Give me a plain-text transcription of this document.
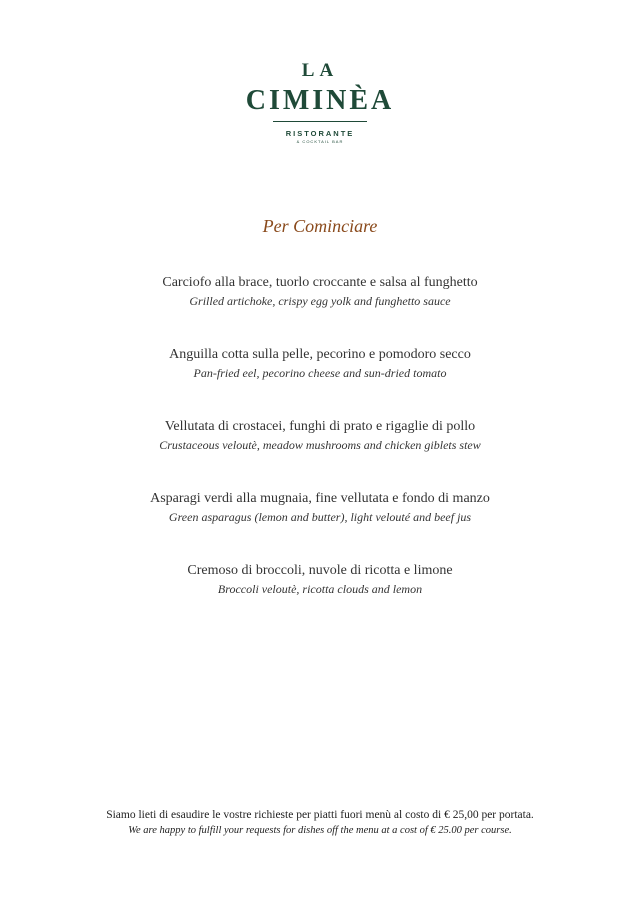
LA
CIMINÈA
RISTORANTE
& COCKTAIL BAR
Per Cominciare
Carciofo alla brace, tuorlo croccante e salsa al funghetto
Grilled artichoke, crispy egg yolk and funghetto sauce
Anguilla cotta sulla pelle, pecorino e pomodoro secco
Pan-fried eel, pecorino cheese and sun-dried tomato
Vellutata di crostacei, funghi di prato e rigaglie di pollo
Crustaceous veloutè, meadow mushrooms and chicken giblets stew
Asparagi verdi alla mugnaia, fine vellutata e fondo di manzo
Green asparagus (lemon and butter), light velouté and beef jus
Cremoso di broccoli, nuvole di ricotta e limone
Broccoli veloutè, ricotta clouds and lemon
Siamo lieti di esaudire le vostre richieste per piatti fuori menù al costo di € 25,00 per portata.
We are happy to fulfill your requests for dishes off the menu at a cost of € 25.00 per course.
